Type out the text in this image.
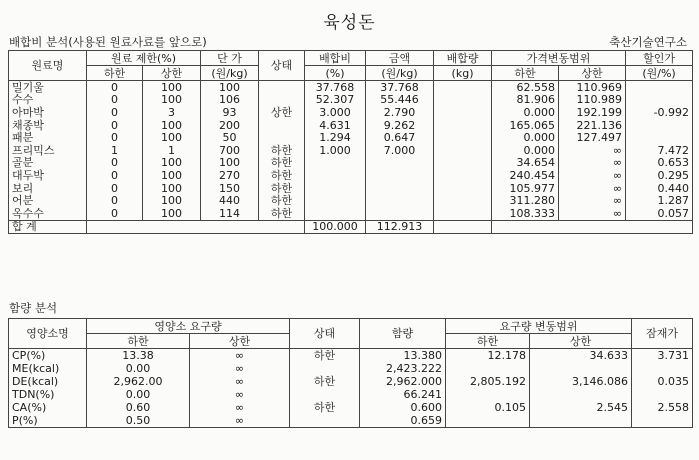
육성돈
배합비 분석(사용된 원료사료를 앞으로)	축산기술연구소
원료명	원료 제한(%)		단 가	상태	배합비	금액	배합량	가격변동범위		할인가
	하한	상한	(원/kg)		(%)	(원/kg)	(kg)	하한	상한	(원/%)
밀기울	0	100	100		37.768	37.768		62.558	110.969	
수수	0	100	106		52.307	55.446		81.906	110.989	
아마박	0	3	93	상한	3.000	2.790		0.000	192.199	-0.992
채종박	0	100	200		4.631	9.262		165.065	221.136	
패분	0	100	50		1.294	0.647		0.000	127.497	
프리믹스	1	1	700	하한	1.000	7.000		0.000	∞	7.472
골분	0	100	100	하한				34.654	∞	0.653
대두박	0	100	270	하한				240.454	∞	0.295
보리	0	100	150	하한				105.977	∞	0.440
어분	0	100	440	하한				311.280	∞	1.287
옥수수	0	100	114	하한				108.333	∞	0.057
합 계					100.000	112.913				
함량 분석
영양소명	영양소 요구량		상태	함량	요구량 변동범위		잠재가
	하한	상한			하한	상한	
CP(%)	13.38	∞	하한	13.380	12.178	34.633	3.731
ME(kcal)	0.00	∞		2,423.222			
DE(kcal)	2,962.00	∞	하한	2,962.000	2,805.192	3,146.086	0.035
TDN(%)	0.00	∞		66.241			
CA(%)	0.60	∞	하한	0.600	0.105	2.545	2.558
P(%)	0.50	∞		0.659			
